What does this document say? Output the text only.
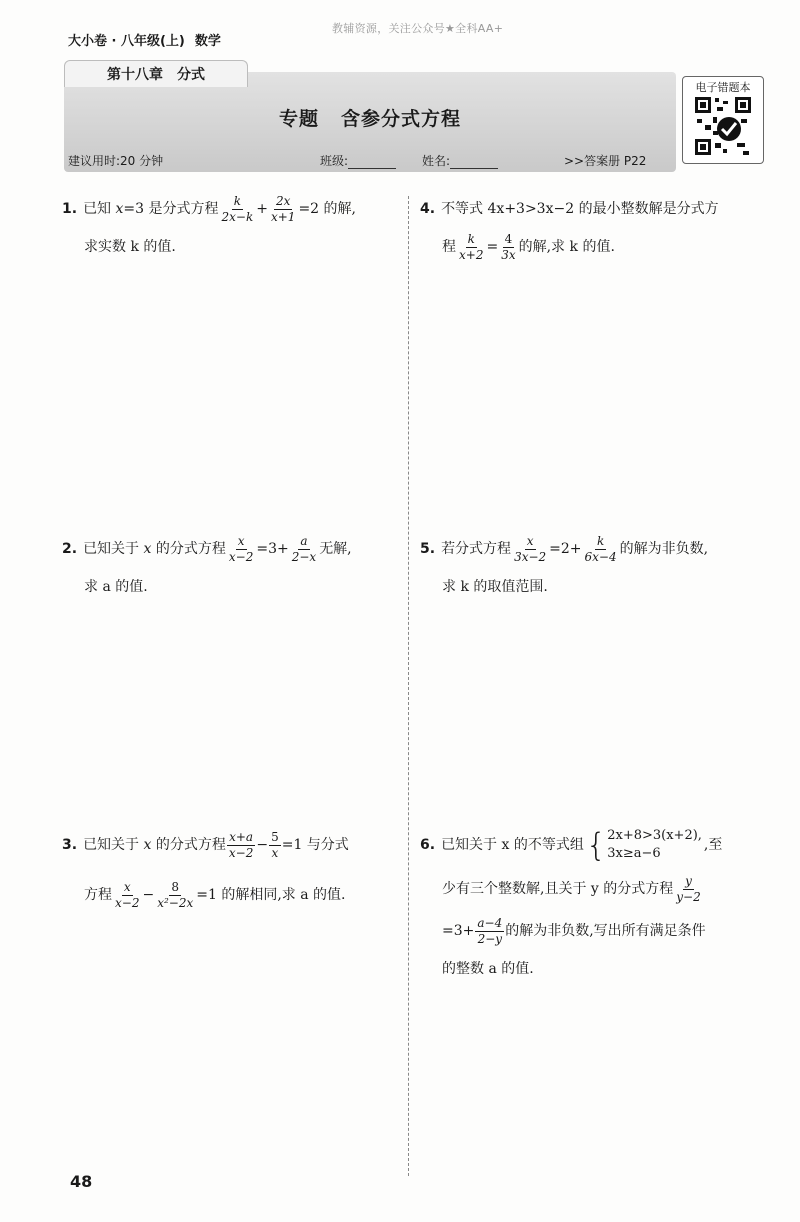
大小卷 · 八年级(上) 数学
教辅资源，关注公众号★全科AA+
第十八章　分式
专题 含参分式方程
建议用时:20 分钟	班级:	姓名:	>>答案册 P22
电子错题本
1. 已知
x =3 是分式方程 $\frac{k}{2x-k} + \frac{2x}{x+1} =2$ 的解,
求实数 k 的值.
2. 已知关于
x
的分式方程 $\frac{x}{x-2} =3+ \frac{a}{2-x}$ 无解,
求 a 的值.
3. 已知关于
x
的分式方程 $\frac{x+a}{x-2} - \frac{5}{x} =1$ 与分式
方程 $\frac{x}{x-2} - \frac{8}{\text{x²−2x}} =1$ 的解相同,求 a 的值.
4. 不等式 4x+3>3x−2 的最小整数解是分式方
程 $\frac{k}{x+2} = \frac{4}{3x}$ 的解,求 k 的值.
5. 若分式方程 $\frac{x}{3x-2} =2+ \frac{k}{6x-4}$ 的解为非负数,
求 k 的取值范围.
6. 已知关于 x 的不等式组 { 2x+8>3(x+2),
3x≥a−6
,至
少有三个整数解,且关于 y 的分式方程 $\frac{y}{y-2}$
$=3+ \frac{a-4}{2-y}$ 的解为非负数,写出所有满足条件
的整数 a 的值.
48
